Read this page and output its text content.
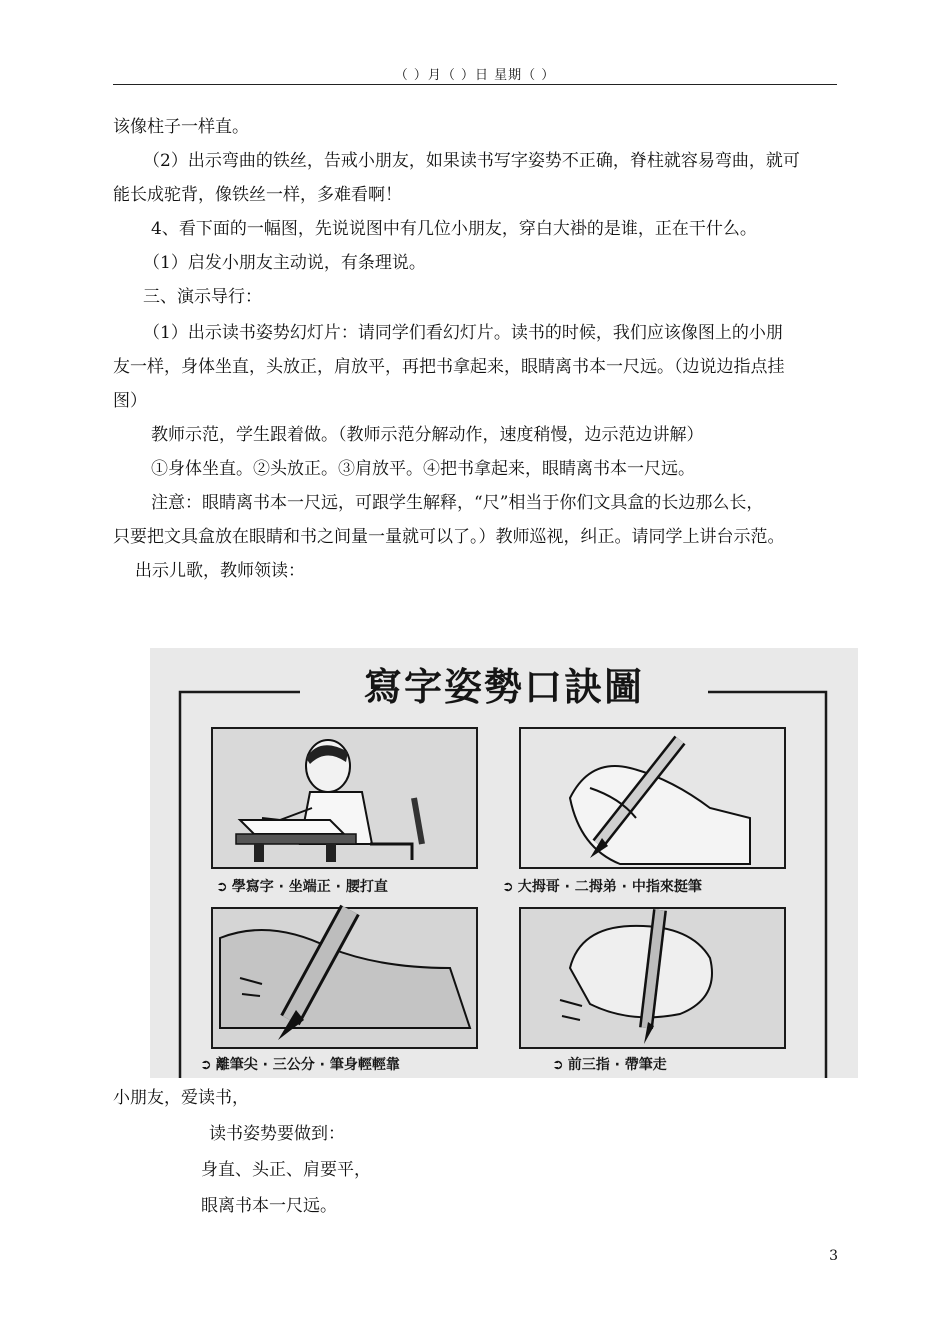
（ ）月（ ）日 星期（ ）
该像柱子一样直。
（2）出示弯曲的铁丝，告戒小朋友，如果读书写字姿势不正确，脊柱就容易弯曲，就可
能长成驼背，像铁丝一样，多难看啊！
4、看下面的一幅图，先说说图中有几位小朋友，穿白大褂的是谁，正在干什么。
（1）启发小朋友主动说，有条理说。
三、演示导行：
（1）出示读书姿势幻灯片：请同学们看幻灯片。读书的时候，我们应该像图上的小朋
友一样，身体坐直，头放正，肩放平，再把书拿起来，眼睛离书本一尺远。（边说边指点挂
图）
教师示范，学生跟着做。（教师示范分解动作，速度稍慢，边示范边讲解）
①身体坐直。②头放正。③肩放平。④把书拿起来，眼睛离书本一尺远。
注意：眼睛离书本一尺远，可跟学生解释，“尺”相当于你们文具盒的长边那么长，
只要把文具盒放在眼睛和书之间量一量就可以了。）教师巡视，纠正。请同学上讲台示范。
出示儿歌，教师领读：
寫字姿勢口訣圖
➲ 學寫字 · 坐端正 · 腰打直	➲ 大拇哥 · 二拇弟 · 中指來挺筆
➲ 離筆尖 · 三公分 · 筆身輕輕靠	➲ 前三指 · 帶筆走
小朋友，爱读书，
读书姿势要做到：
身直、头正、肩要平，
眼离书本一尺远。
3
